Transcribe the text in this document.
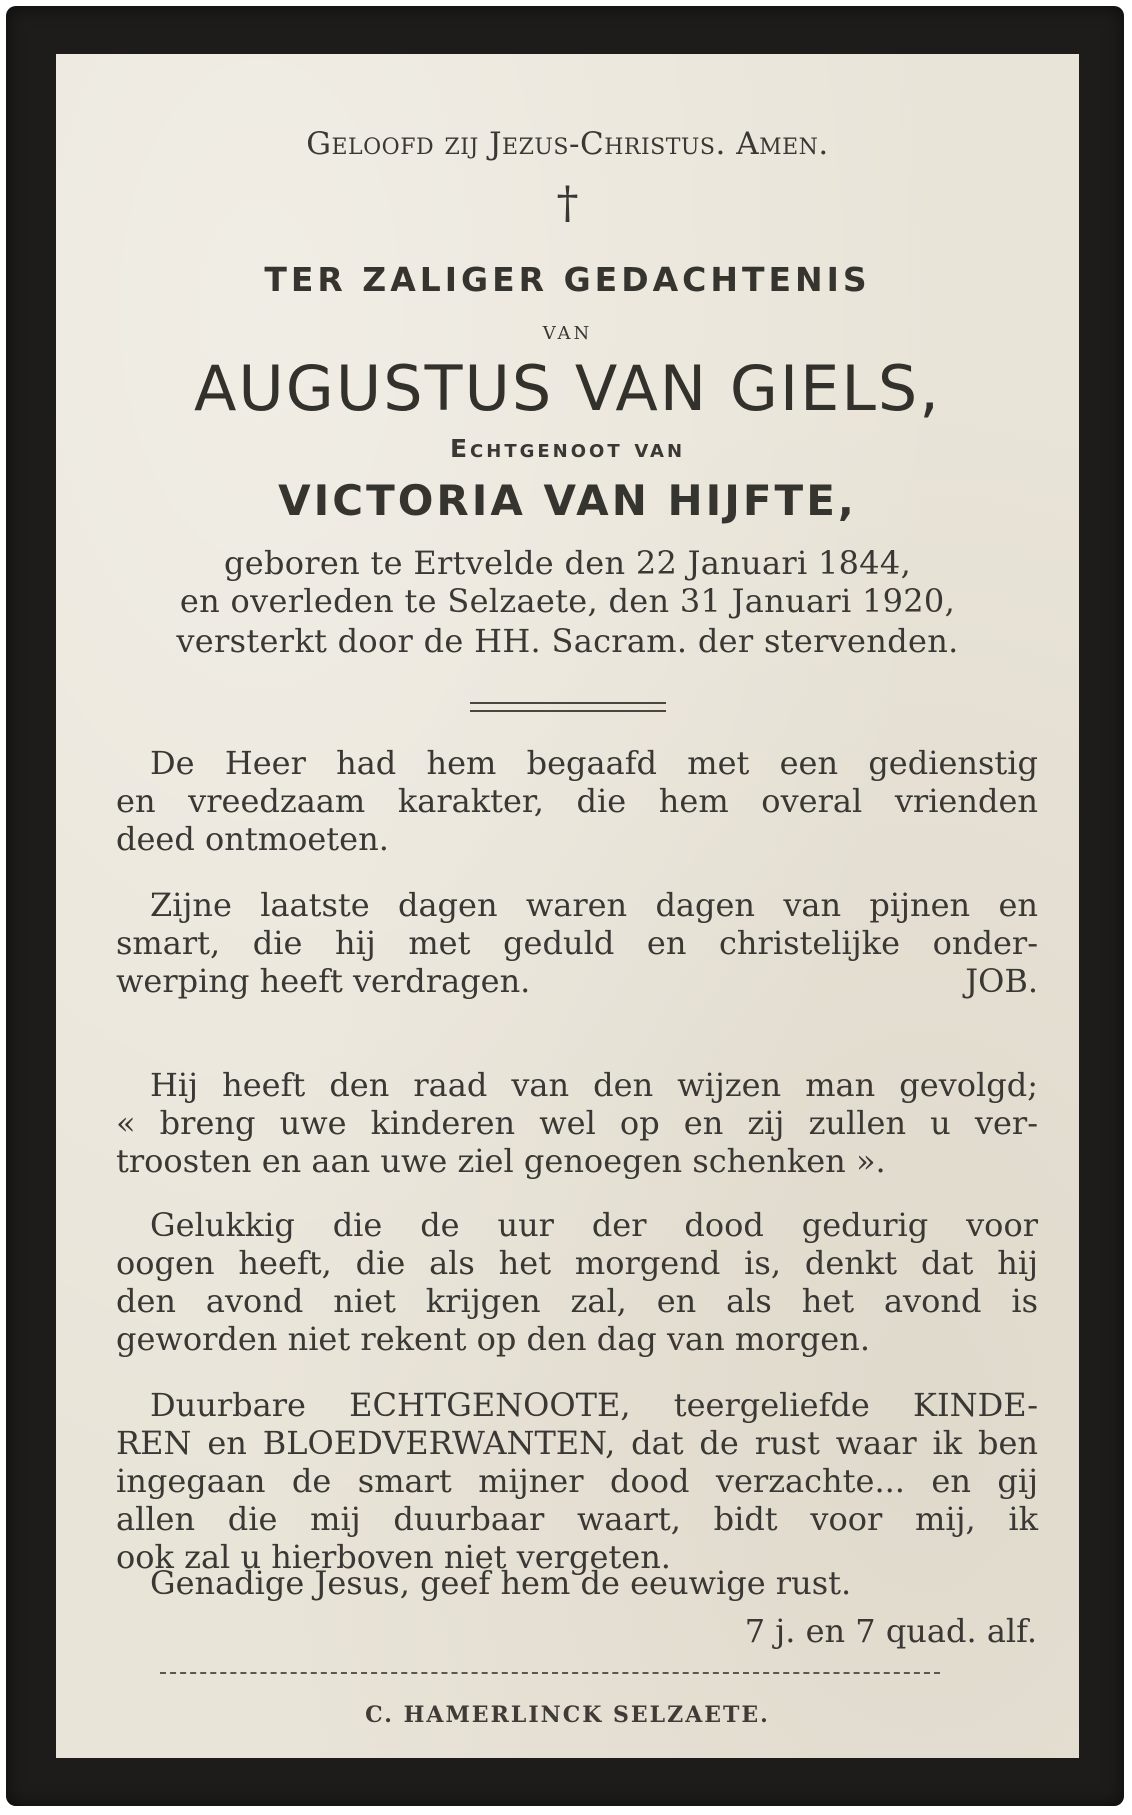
Geloofd zij Jezus-Christus. Amen.
†
TER ZALIGER GEDACHTENIS
van
AUGUSTUS VAN GIELS,
Echtgenoot van
VICTORIA VAN HIJFTE,
geboren te Ertvelde den 22 Januari 1844,
en overleden te Selzaete, den 31 Januari 1920,
versterkt door de HH. Sacram. der stervenden.
De Heer had hem begaafd met een gedienstig
en vreedzaam karakter, die hem overal vrienden
deed ontmoeten.
Zijne laatste dagen waren dagen van pijnen en
smart, die hij met geduld en christelijke onder-
werping heeft verdragen.	JOB.
Hij heeft den raad van den wijzen man gevolgd;
« breng uwe kinderen wel op en zij zullen u ver-
troosten en aan uwe ziel genoegen schenken ».
Gelukkig die de uur der dood gedurig voor
oogen heeft, die als het morgend is, denkt dat hij
den avond niet krijgen zal, en als het avond is
geworden niet rekent op den dag van morgen.
Duurbare ECHTGENOOTE, teergeliefde KINDE-
REN en BLOEDVERWANTEN, dat de rust waar ik ben
ingegaan de smart mijner dood verzachte... en gij
allen die mij duurbaar waart, bidt voor mij, ik
ook zal u hierboven niet vergeten.
Genadige Jesus, geef hem de eeuwige rust.
7 j. en 7 quad. alf.
C. HAMERLINCK SELZAETE.
